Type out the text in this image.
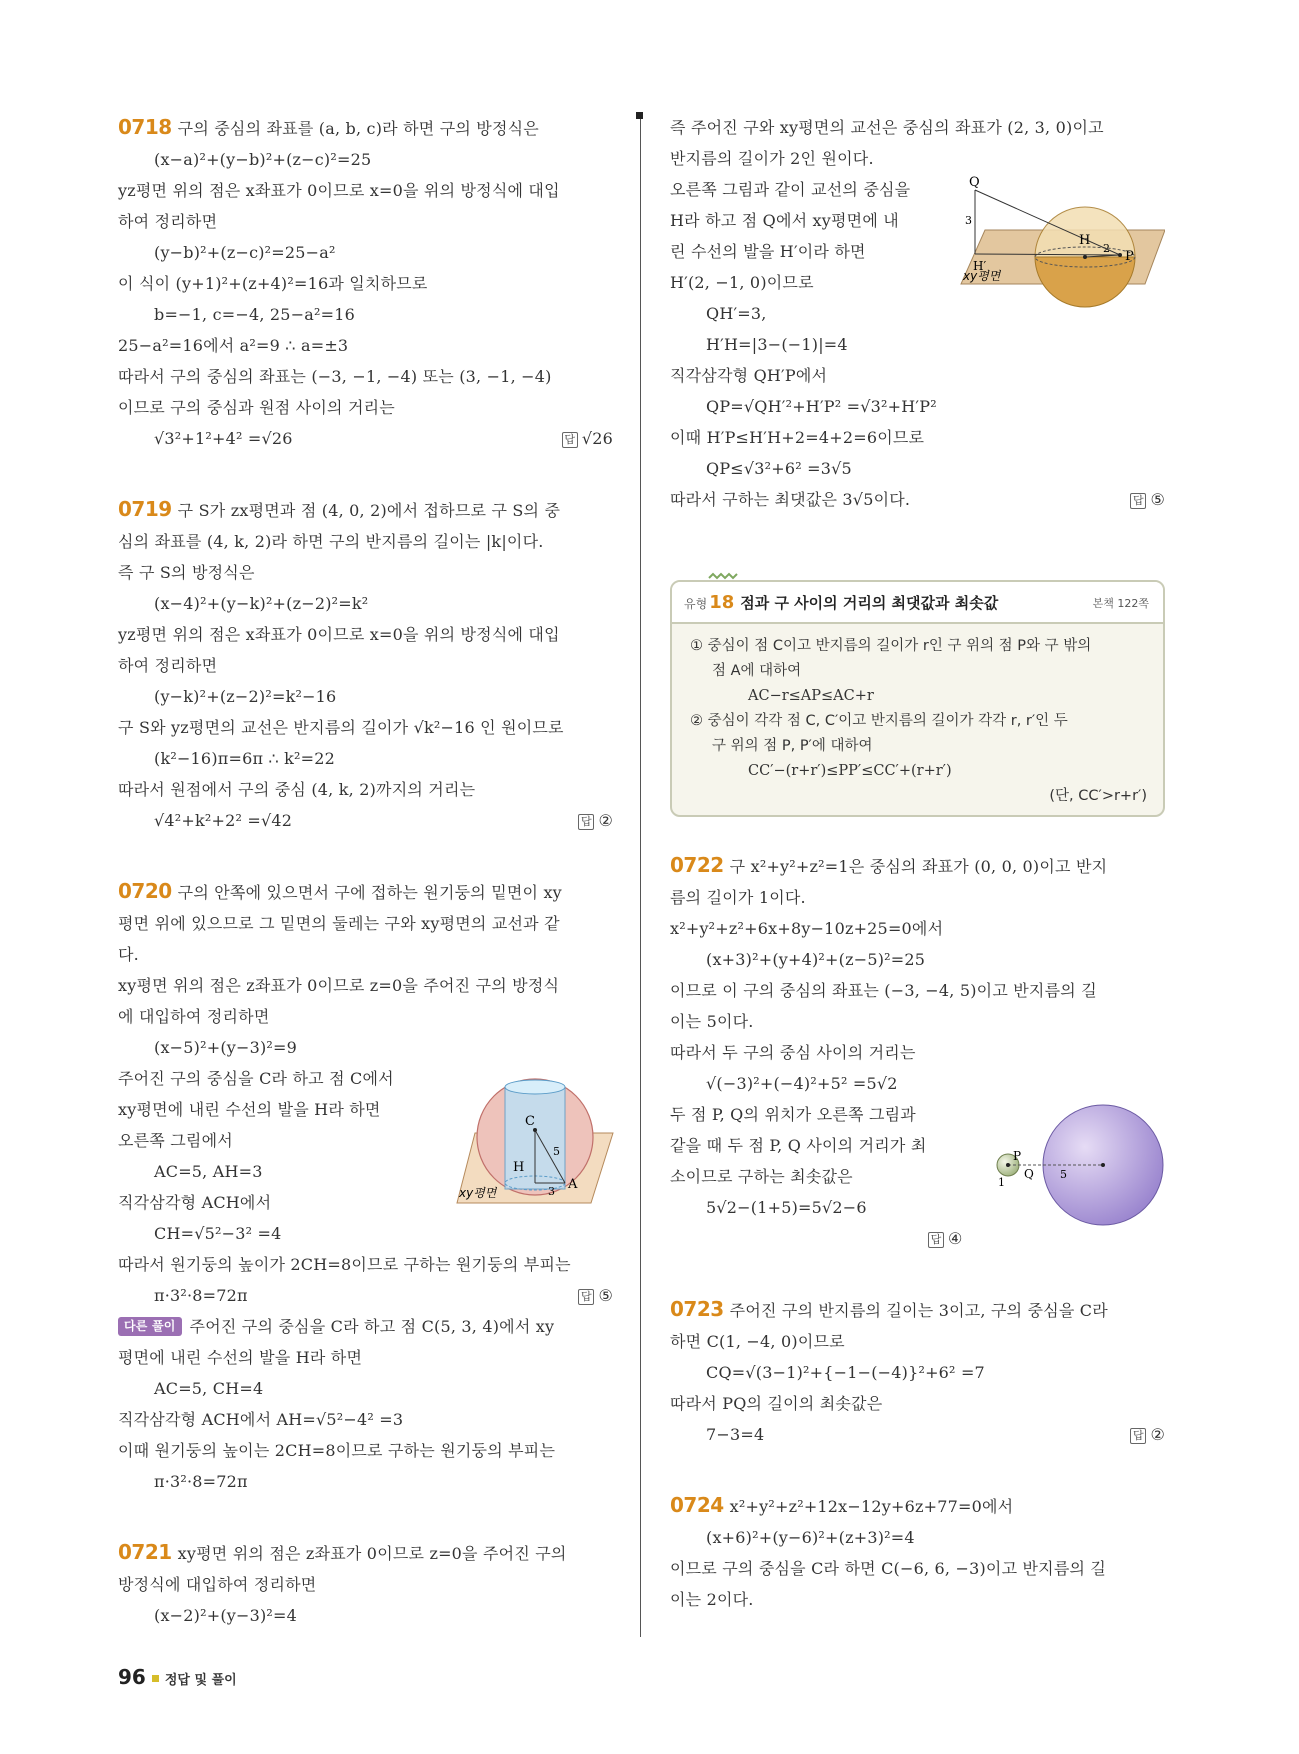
0718 구의 중심의 좌표를 (a, b, c)라 하면 구의 방정식은
(x−a)²+(y−b)²+(z−c)²=25
yz평면 위의 점은 x좌표가 0이므로 x=0을 위의 방정식에 대입
하여 정리하면
(y−b)²+(z−c)²=25−a²
이 식이 (y+1)²+(z+4)²=16과 일치하므로
b=−1, c=−4, 25−a²=16
25−a²=16에서 a²=9 ∴ a=±3
따라서 구의 중심의 좌표는 (−3, −1, −4) 또는 (3, −1, −4)
이므로 구의 중심과 원점 사이의 거리는
√3²+1²+4² =√26	답 √26
0719 구 S가 zx평면과 점 (4, 0, 2)에서 접하므로 구 S의 중
심의 좌표를 (4, k, 2)라 하면 구의 반지름의 길이는 |k|이다.
즉 구 S의 방정식은
(x−4)²+(y−k)²+(z−2)²=k²
yz평면 위의 점은 x좌표가 0이므로 x=0을 위의 방정식에 대입
하여 정리하면
(y−k)²+(z−2)²=k²−16
구 S와 yz평면의 교선은 반지름의 길이가 √k²−16 인 원이므로
(k²−16)π=6π ∴ k²=22
따라서 원점에서 구의 중심 (4, k, 2)까지의 거리는
√4²+k²+2² =√42	답 ②
0720 구의 안쪽에 있으면서 구에 접하는 원기둥의 밑면이 xy
평면 위에 있으므로 그 밑면의 둘레는 구와 xy평면의 교선과 같
다.
xy평면 위의 점은 z좌표가 0이므로 z=0을 주어진 구의 방정식
에 대입하여 정리하면
(x−5)²+(y−3)²=9
주어진 구의 중심을 C라 하고 점 C에서
xy평면에 내린 수선의 발을 H라 하면
오른쪽 그림에서
AC=5, AH=3
직각삼각형 ACH에서
CH=√5²−3² =4
따라서 원기둥의 높이가 2CH=8이므로 구하는 원기둥의 부피는
π·3²·8=72π	답 ⑤
다른 풀이 주어진 구의 중심을 C라 하고 점 C(5, 3, 4)에서 xy
평면에 내린 수선의 발을 H라 하면
AC=5, CH=4
직각삼각형 ACH에서 AH=√5²−4² =3
이때 원기둥의 높이는 2CH=8이므로 구하는 원기둥의 부피는
π·3²·8=72π
0721 xy평면 위의 점은 z좌표가 0이므로 z=0을 주어진 구의
방정식에 대입하여 정리하면
(x−2)²+(y−3)²=4
C
H
A
5
3
xy평면
즉 주어진 구와 xy평면의 교선은 중심의 좌표가 (2, 3, 0)이고
반지름의 길이가 2인 원이다.
오른쪽 그림과 같이 교선의 중심을
H라 하고 점 Q에서 xy평면에 내
린 수선의 발을 H′이라 하면
H′(2, −1, 0)이므로
QH′=3,
H′H=|3−(−1)|=4
직각삼각형 QH′P에서
QP=√QH′²+H′P² =√3²+H′P²
이때 H′P≤H′H+2=4+2=6이므로
QP≤√3²+6² =3√5
따라서 구하는 최댓값은 3√5이다.	답 ⑤
Q
H
H′
P
3
2
xy평면
유형 18 점과 구 사이의 거리의 최댓값과 최솟값	본책 122쪽
① 중심이 점 C이고 반지름의 길이가 r인 구 위의 점 P와 구 밖의
점 A에 대하여
AC−r≤AP≤AC+r
② 중심이 각각 점 C, C′이고 반지름의 길이가 각각 r, r′인 두
구 위의 점 P, P′에 대하여
CC′−(r+r′)≤PP′≤CC′+(r+r′)
(단, CC′>r+r′)
0722 구 x²+y²+z²=1은 중심의 좌표가 (0, 0, 0)이고 반지
름의 길이가 1이다.
x²+y²+z²+6x+8y−10z+25=0에서
(x+3)²+(y+4)²+(z−5)²=25
이므로 이 구의 중심의 좌표는 (−3, −4, 5)이고 반지름의 길
이는 5이다.
따라서 두 구의 중심 사이의 거리는
√(−3)²+(−4)²+5² =5√2
두 점 P, Q의 위치가 오른쪽 그림과
같을 때 두 점 P, Q 사이의 거리가 최
소이므로 구하는 최솟값은
5√2−(1+5)=5√2−6
답 ④
0723 주어진 구의 반지름의 길이는 3이고, 구의 중심을 C라
하면 C(1, −4, 0)이므로
CQ=√(3−1)²+{−1−(−4)}²+6² =7
따라서 PQ의 길이의 최솟값은
7−3=4	답 ②
0724 x²+y²+z²+12x−12y+6z+77=0에서
(x+6)²+(y−6)²+(z+3)²=4
이므로 구의 중심을 C라 하면 C(−6, 6, −3)이고 반지름의 길
이는 2이다.
P
Q
1
5
96 정답 및 풀이
